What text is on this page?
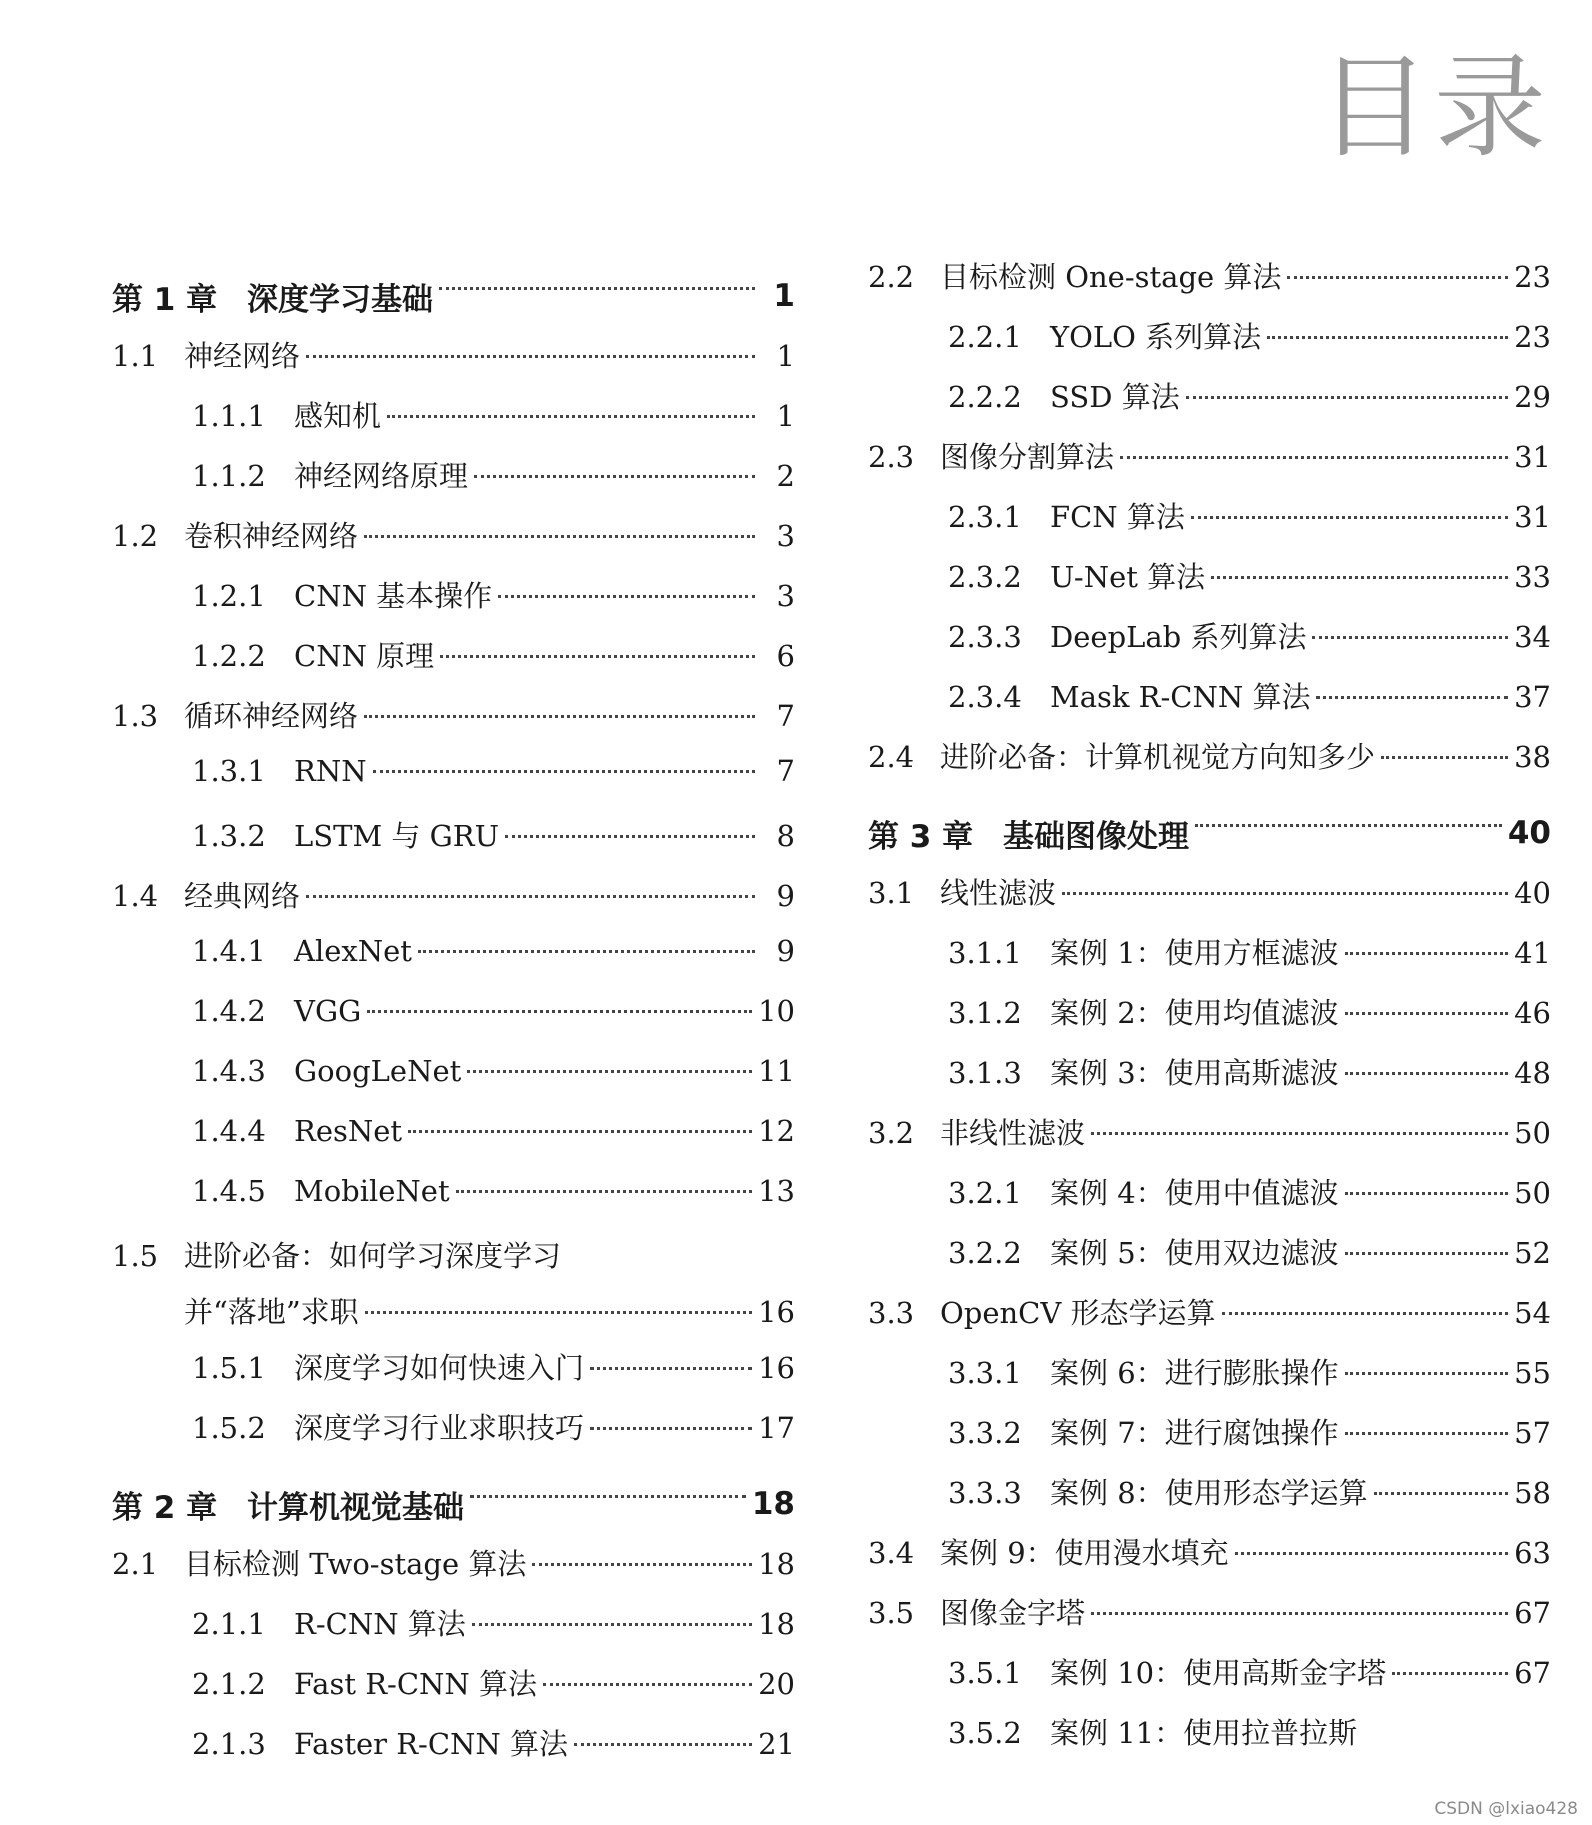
目录
第 1 章 深度学习基础	1
1.1 神经网络	1
1.1.1 感知机	1
1.1.2 神经网络原理	2
1.2 卷积神经网络	3
1.2.1 CNN 基本操作	3
1.2.2 CNN 原理	6
1.3 循环神经网络	7
1.3.1 RNN	7
1.3.2 LSTM 与 GRU	8
1.4 经典网络	9
1.4.1 AlexNet	9
1.4.2 VGG	10
1.4.3 GoogLeNet	11
1.4.4 ResNet	12
1.4.5 MobileNet	13
1.5 进阶必备：如何学习深度学习
并“落地”求职	16
1.5.1 深度学习如何快速入门	16
1.5.2 深度学习行业求职技巧	17
第 2 章 计算机视觉基础	18
2.1 目标检测 Two-stage 算法	18
2.1.1 R-CNN 算法	18
2.1.2 Fast R-CNN 算法	20
2.1.3 Faster R-CNN 算法	21
2.2 目标检测 One-stage 算法	23
2.2.1 YOLO 系列算法	23
2.2.2 SSD 算法	29
2.3 图像分割算法	31
2.3.1 FCN 算法	31
2.3.2 U-Net 算法	33
2.3.3 DeepLab 系列算法	34
2.3.4 Mask R-CNN 算法	37
2.4 进阶必备：计算机视觉方向知多少	38
第 3 章 基础图像处理	40
3.1 线性滤波	40
3.1.1 案例 1：使用方框滤波	41
3.1.2 案例 2：使用均值滤波	46
3.1.3 案例 3：使用高斯滤波	48
3.2 非线性滤波	50
3.2.1 案例 4：使用中值滤波	50
3.2.2 案例 5：使用双边滤波	52
3.3 OpenCV 形态学运算	54
3.3.1 案例 6：进行膨胀操作	55
3.3.2 案例 7：进行腐蚀操作	57
3.3.3 案例 8：使用形态学运算	58
3.4 案例 9：使用漫水填充	63
3.5 图像金字塔	67
3.5.1 案例 10：使用高斯金字塔	67
3.5.2 案例 11：使用拉普拉斯
CSDN @lxiao428
